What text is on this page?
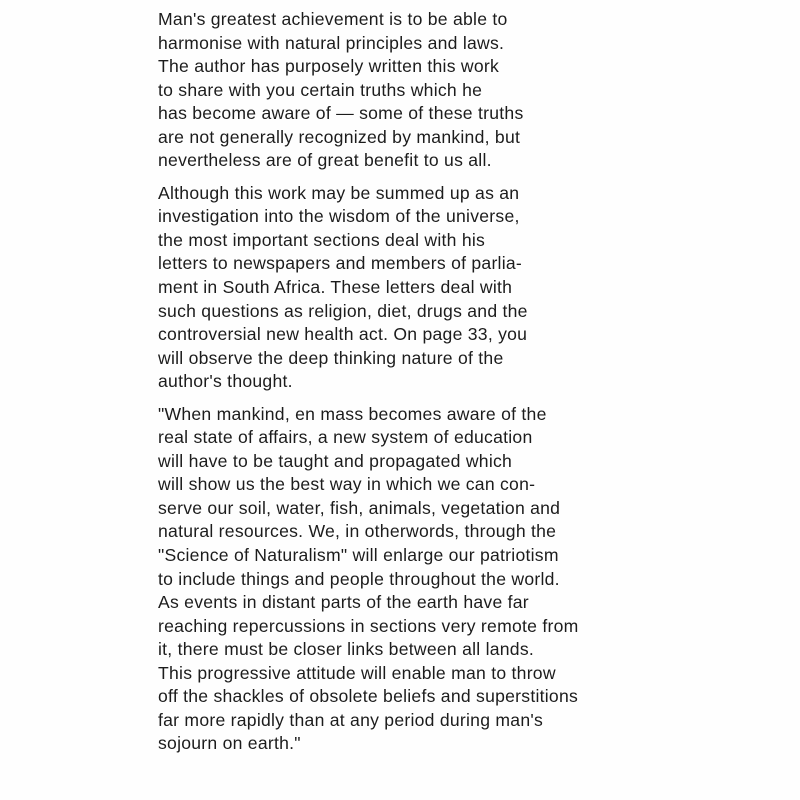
Man's greatest achievement is to be able to
harmonise with natural principles and laws.
The author has purposely written this work
to share with you certain truths which he
has become aware of — some of these truths
are not generally recognized by mankind, but
nevertheless are of great benefit to us all.

Although this work may be summed up as an
investigation into the wisdom of the universe,
the most important sections deal with his
letters to newspapers and members of parlia-
ment in South Africa. These letters deal with
such questions as religion, diet, drugs and the
controversial new health act. On page 33, you
will observe the deep thinking nature of the
author's thought.

"When mankind, en mass becomes aware of the
real state of affairs, a new system of education
will have to be taught and propagated which
will show us the best way in which we can con-
serve our soil, water, fish, animals, vegetation and
natural resources. We, in otherwords, through the
"Science of Naturalism" will enlarge our patriotism
to include things and people throughout the world.
As events in distant parts of the earth have far
reaching repercussions in sections very remote from
it, there must be closer links between all lands.
This progressive attitude will enable man to throw
off the shackles of obsolete beliefs and superstitions
far more rapidly than at any period during man's
sojourn on earth."
